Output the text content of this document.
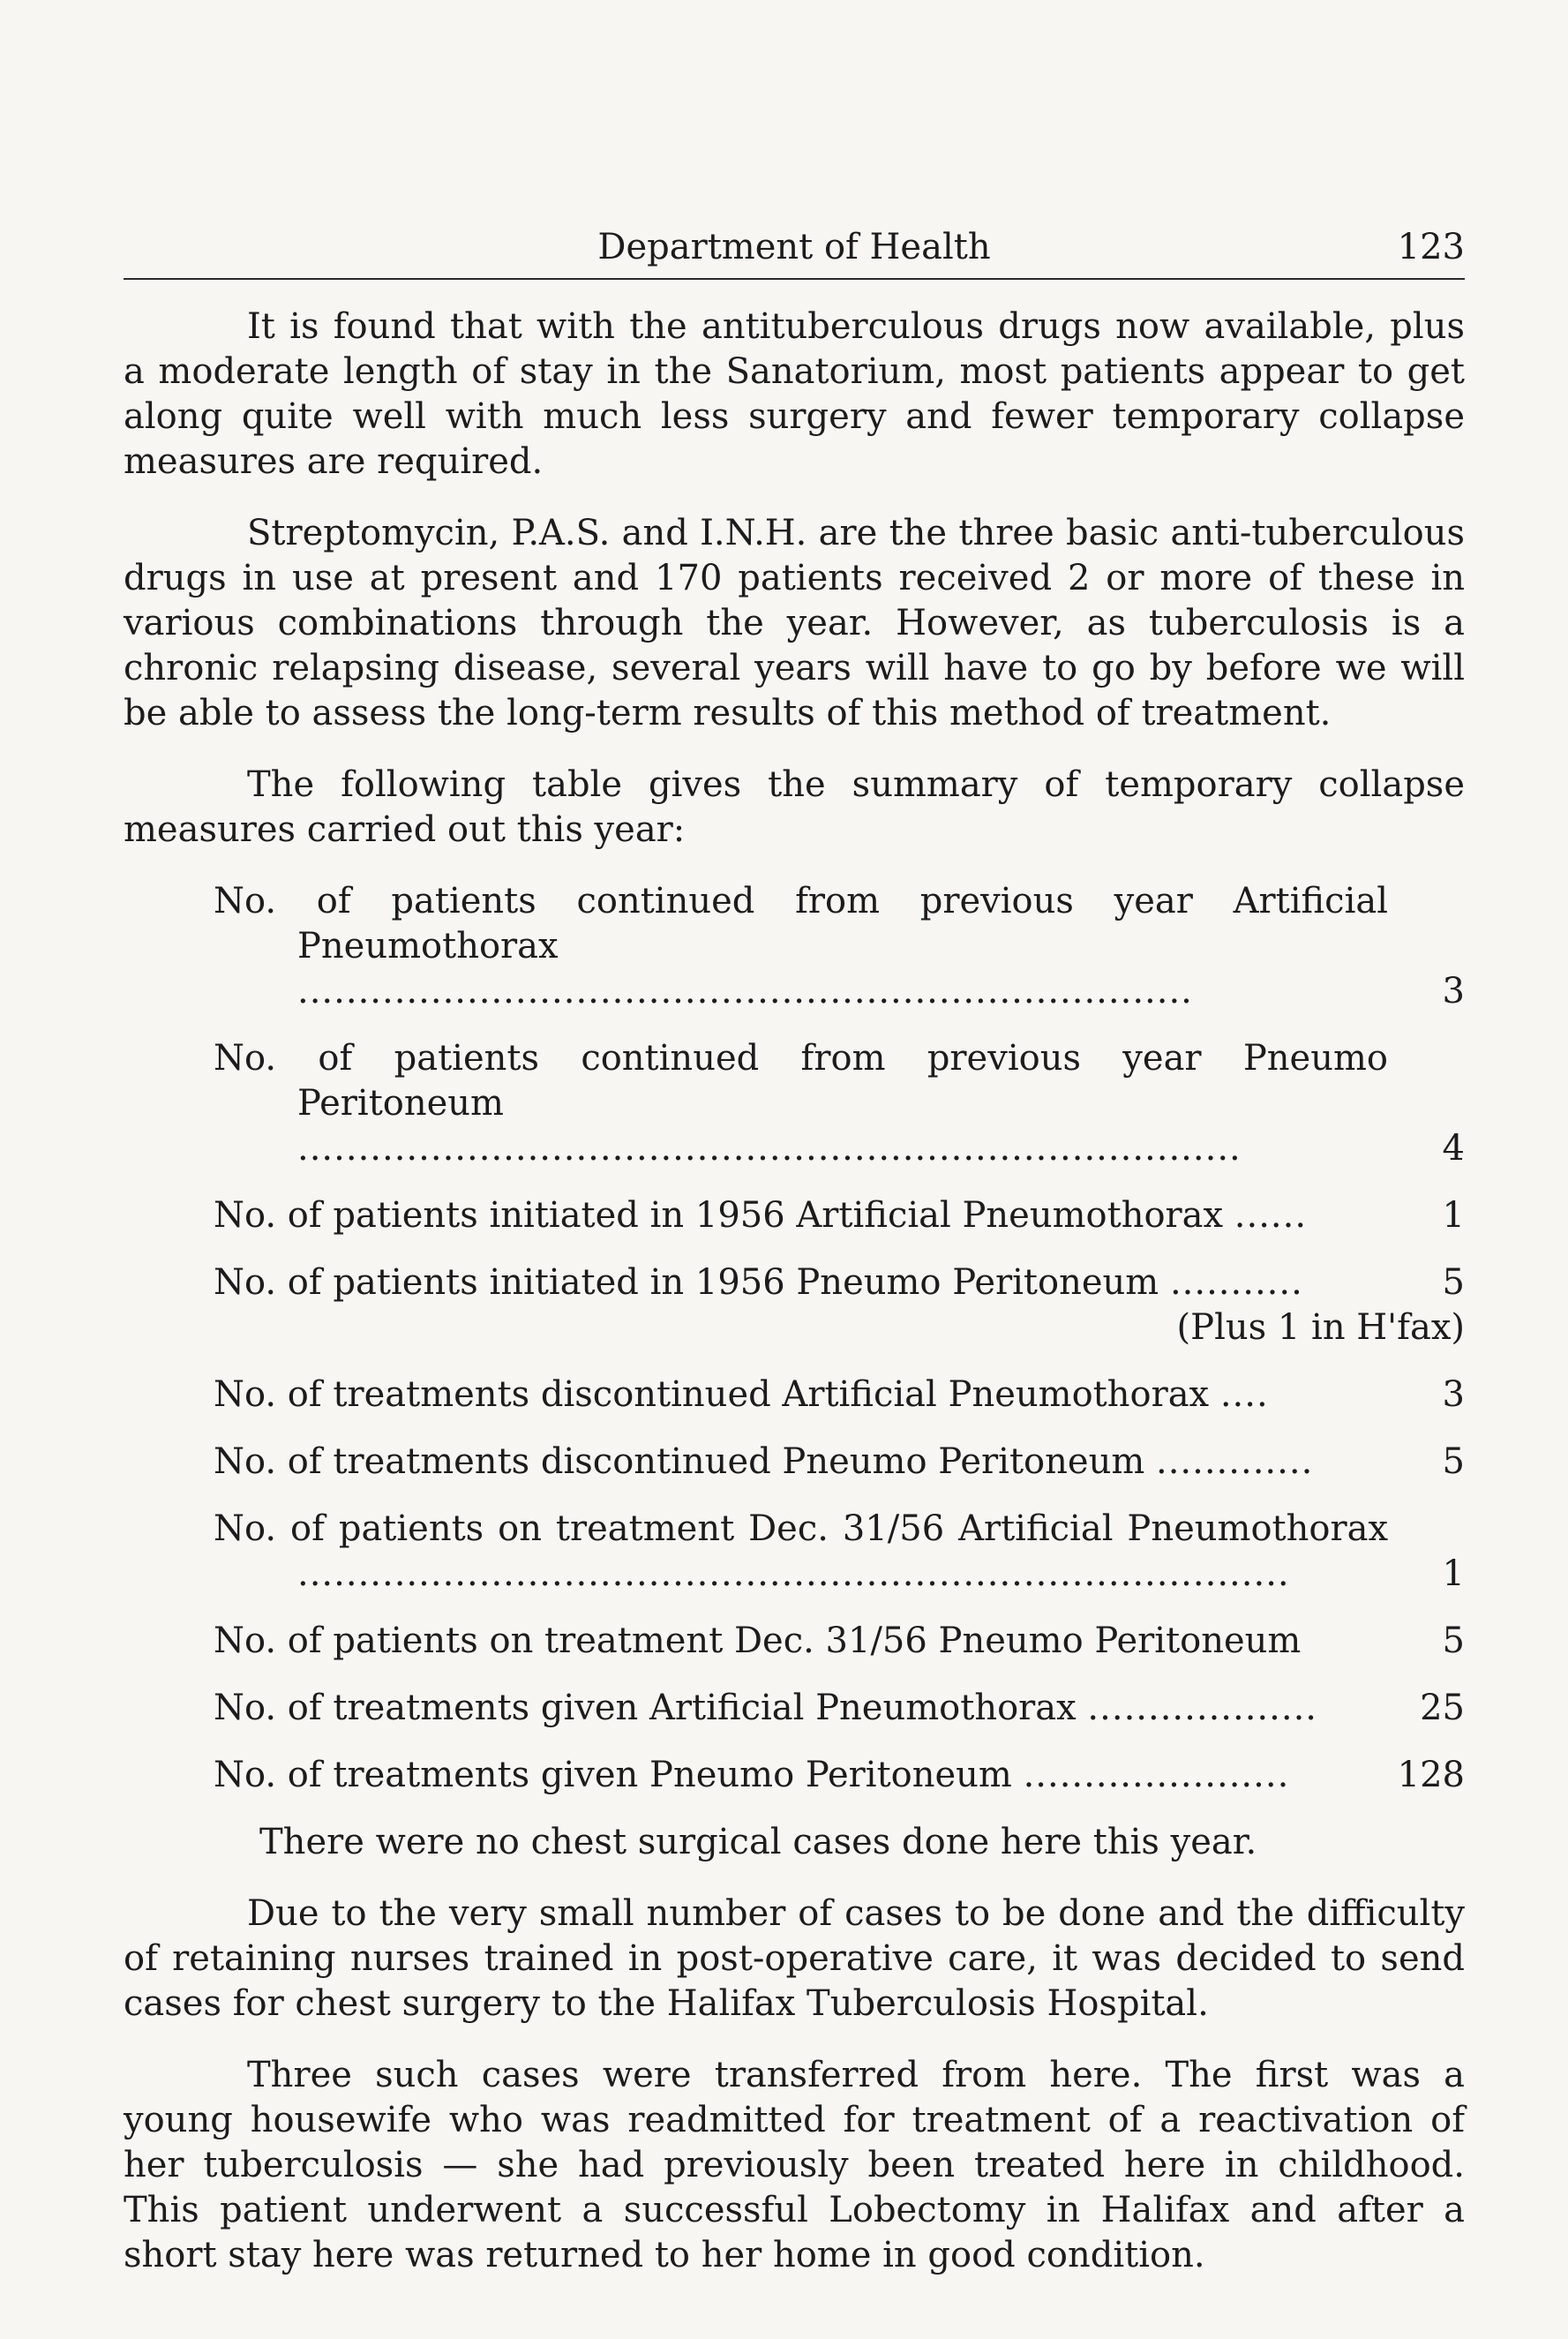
Department of Health	123

It is found that with the antituberculous drugs now available, plus a moderate length of stay in the Sanatorium, most patients appear to get along quite well with much less surgery and fewer temporary collapse measures are required.

Streptomycin, P.A.S. and I.N.H. are the three basic anti-tuberculous drugs in use at present and 170 patients received 2 or more of these in various combinations through the year. However, as tuberculosis is a chronic relapsing disease, several years will have to go by before we will be able to assess the long-term results of this method of treatment.

The following table gives the summary of temporary collapse measures carried out this year:

No. of patients continued from previous year Artificial Pneumothorax ..........................................................................	3
No. of patients continued from previous year Pneumo Peritoneum ..............................................................................	4
No. of patients initiated in 1956 Artificial Pneumothorax ......	1
No. of patients initiated in 1956 Pneumo Peritoneum ...........	5
(Plus 1 in H'fax)
No. of treatments discontinued Artificial Pneumothorax ....	3
No. of treatments discontinued Pneumo Peritoneum .............	5
No. of patients on treatment Dec. 31/56 Artificial Pneumothorax ..................................................................................	1
No. of patients on treatment Dec. 31/56 Pneumo Peritoneum	5
No. of treatments given Artificial Pneumothorax ...................	25
No. of treatments given Pneumo Peritoneum ......................	128
There were no chest surgical cases done here this year.

Due to the very small number of cases to be done and the difficulty of retaining nurses trained in post-operative care, it was decided to send cases for chest surgery to the Halifax Tuberculosis Hospital.

Three such cases were transferred from here. The first was a young housewife who was readmitted for treatment of a reactivation of her tuberculosis — she had previously been treated here in childhood. This patient underwent a successful Lobectomy in Halifax and after a short stay here was returned to her home in good condition.
